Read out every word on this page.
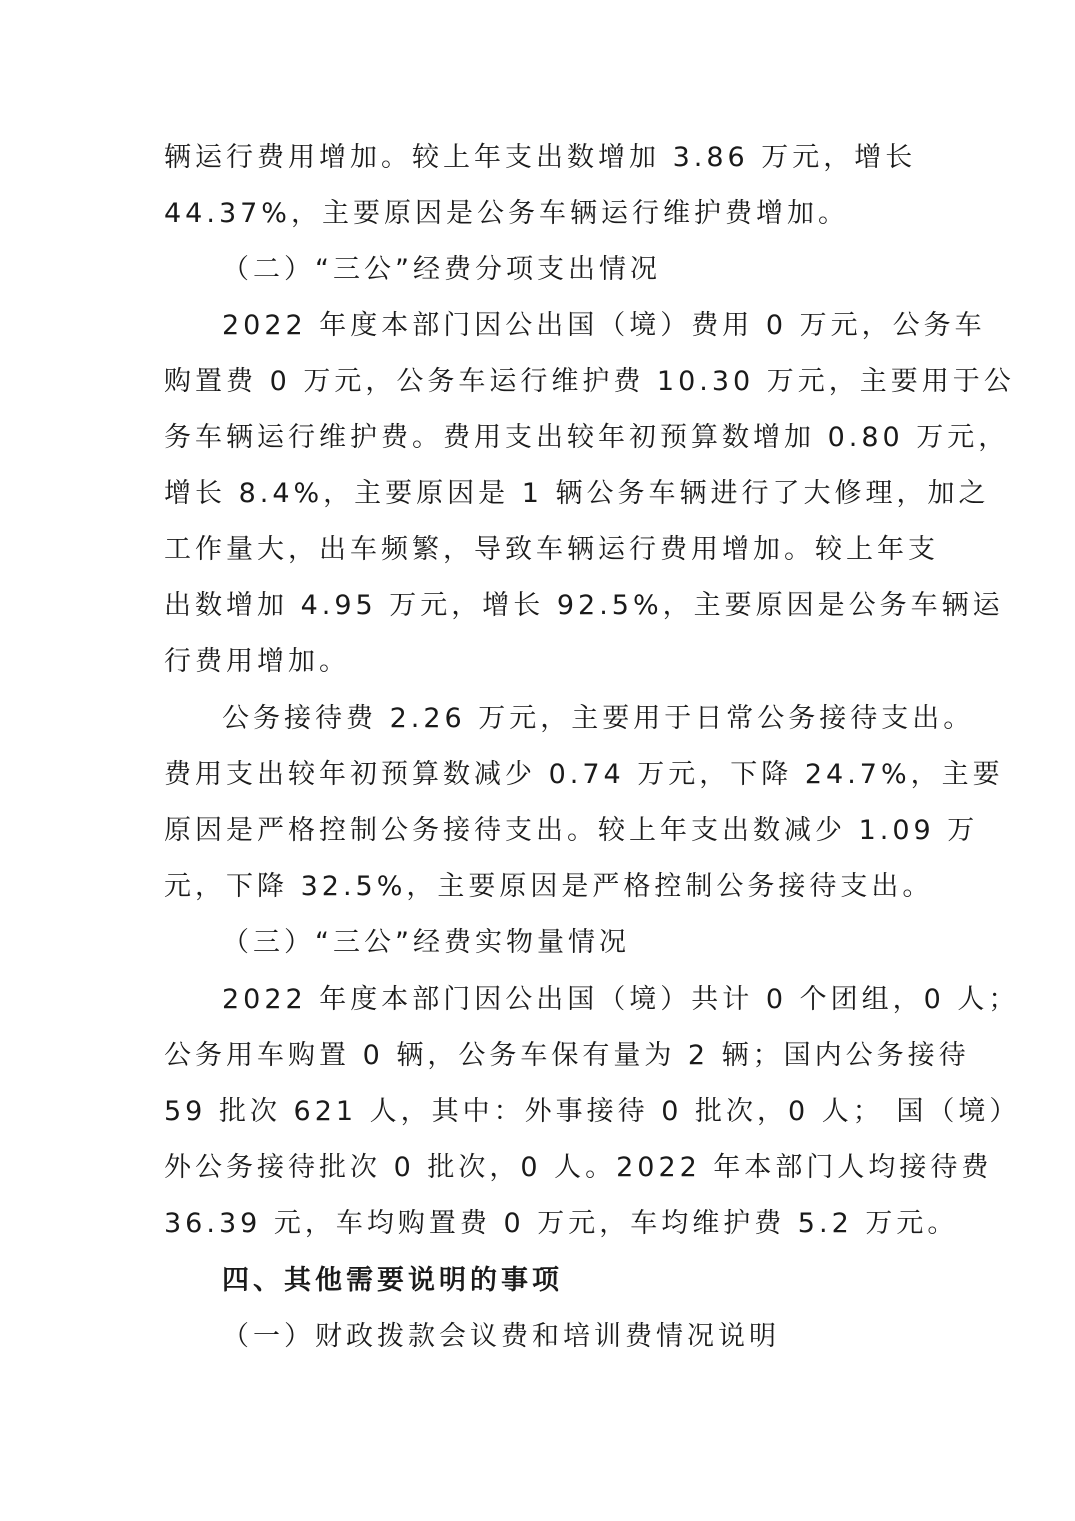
辆运行费用增加。较上年支出数增加 3.86 万元，增长
44.37%，主要原因是公务车辆运行维护费增加。
（二）“三公”经费分项支出情况
2022 年度本部门因公出国（境）费用 0 万元，公务车
购置费 0 万元，公务车运行维护费 10.30 万元，主要用于公
务车辆运行维护费。费用支出较年初预算数增加 0.80 万元，
增长 8.4%，主要原因是 1 辆公务车辆进行了大修理，加之
工作量大，出车频繁，导致车辆运行费用增加。较上年支
出数增加 4.95 万元，增长 92.5%，主要原因是公务车辆运
行费用增加。
公务接待费 2.26 万元，主要用于日常公务接待支出。
费用支出较年初预算数减少 0.74 万元，下降 24.7%，主要
原因是严格控制公务接待支出。较上年支出数减少 1.09 万
元，下降 32.5%，主要原因是严格控制公务接待支出。
（三）“三公”经费实物量情况
2022 年度本部门因公出国（境）共计 0 个团组，0 人；
公务用车购置 0 辆，公务车保有量为 2 辆；国内公务接待
59 批次 621 人，其中：外事接待 0 批次，0 人； 国（境）
外公务接待批次 0 批次，0 人。2022 年本部门人均接待费
36.39 元，车均购置费 0 万元，车均维护费 5.2 万元。
四、其他需要说明的事项
（一）财政拨款会议费和培训费情况说明
